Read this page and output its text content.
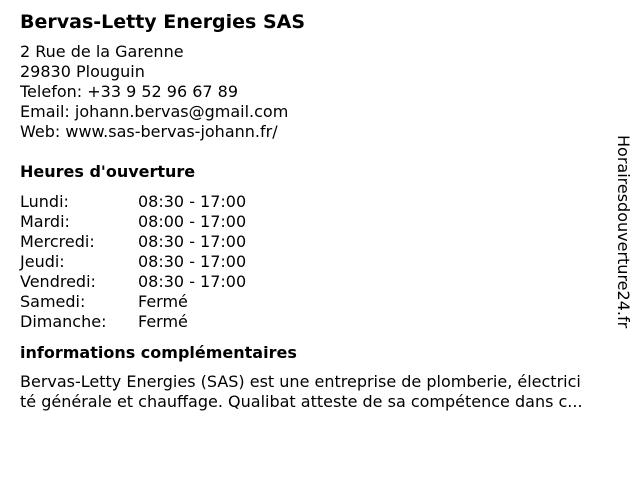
Bervas-Letty Energies SAS
2 Rue de la Garenne
29830 Plouguin
Telefon: +33 9 52 96 67 89
Email: johann.bervas@gmail.com
Web: www.sas-bervas-johann.fr/
Heures d'ouverture
Lundi:	08:30 - 17:00
Mardi:	08:00 - 17:00
Mercredi:	08:30 - 17:00
Jeudi:	08:30 - 17:00
Vendredi:	08:30 - 17:00
Samedi:	Fermé
Dimanche:	Fermé
informations complémentaires
Bervas-Letty Energies (SAS) est une entreprise de plomberie, électrici
té générale et chauffage. Qualibat atteste de sa compétence dans c...
Horairesdouverture24.fr
